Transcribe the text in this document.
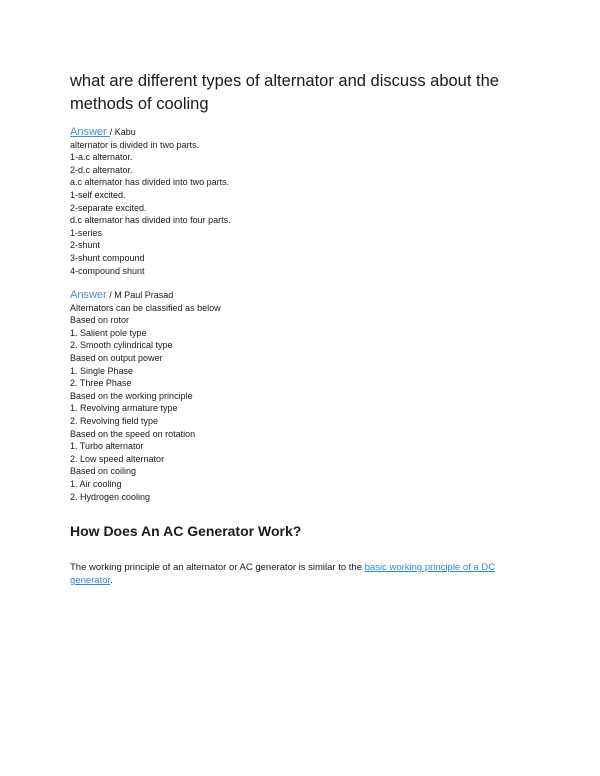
what are different types of alternator and discuss about the methods of cooling
Answer / Kabu
alternator is divided in two parts.
1-a.c alternator.
2-d.c alternator.
a.c alternator has divided into two parts.
1-self excited.
2-separate excited.
d.c alternator has divided into four parts.
1-series
2-shunt
3-shunt compound
4-compound shunt
Answer / M Paul Prasad
Alternators can be classified as below
Based on rotor
1. Salient pole type
2. Smooth cylindrical type
Based on output power
1. Single Phase
2. Three Phase
Based on the working principle
1. Revolving armature type
2. Revolving field type
Based on the speed on rotation
1. Turbo alternator
2. Low speed alternator
Based on coiling
1. Air cooling
2. Hydrogen cooling
How Does An AC Generator Work?

The working principle of an alternator or AC generator is similar to the basic working principle of a DC generator.
